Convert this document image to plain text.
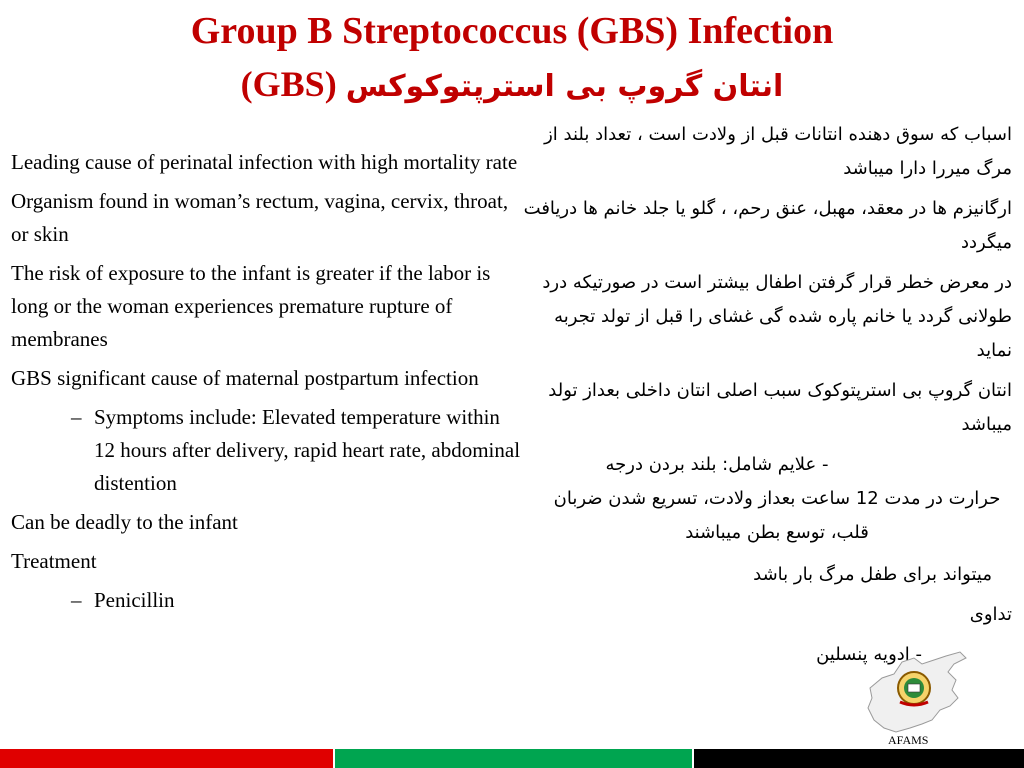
Group B Streptococcus (GBS) Infection
(GBS) انتان گروپ بی استرپتوکوکس

Leading cause of perinatal infection with high mortality rate

Organism found in woman’s rectum, vagina, cervix, throat, or skin

The risk of exposure to the infant is greater if the labor is long or the woman experiences premature rupture of membranes

GBS significant cause of maternal postpartum infection

– Symptoms include: Elevated temperature within 12 hours after delivery, rapid heart rate, abdominal distention

Can be deadly to the infant

Treatment

– Penicillin

اسباب که سوق دهنده انتانات قبل از ولادت است ، تعداد بلند از مرگ میررا دارا میباشد

ارگانیزم ها در معقد، مهبل، عنق رحم، ، گلو یا جلد خانم ها دریافت میگردد

در معرض خطر قرار گرفتن اطفال بیشتر است در صورتیکه درد طولانی گردد یا خانم پاره شده گی غشای را قبل از تولد تجربه نماید

انتان گروپ بی استرپتوکوک سبب اصلی انتان داخلی بعداز تولد میباشد

- علایم شامل: بلند بردن درجه
حرارت در مدت 12 ساعت بعداز ولادت، تسریع شدن ضربان قلب، توسع بطن میباشند

میتواند برای طفل مرگ بار باشد

تداوی

- ادویه پنسلین

AFAMS
